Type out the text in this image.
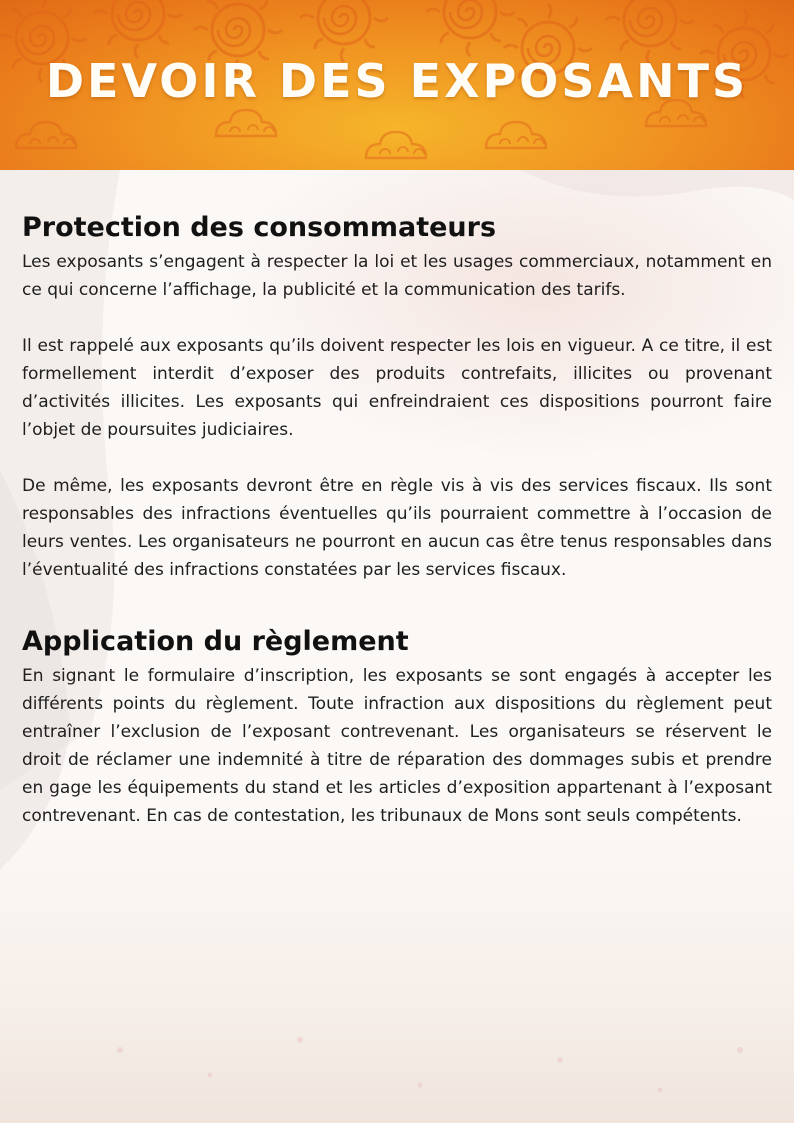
DEVOIR DES EXPOSANTS
Protection des consommateurs

Les exposants s’engagent à respecter la loi et les usages commerciaux, notamment en ce qui concerne l’affichage, la publicité et la communication des tarifs.

Il est rappelé aux exposants qu’ils doivent respecter les lois en vigueur. A ce titre, il est formellement interdit d’exposer des produits contrefaits, illicites ou provenant d’activités illicites. Les exposants qui enfreindraient ces dispositions pourront faire l’objet de poursuites judiciaires.

De même, les exposants devront être en règle vis à vis des services fiscaux. Ils sont responsables des infractions éventuelles qu’ils pourraient commettre à l’occasion de leurs ventes. Les organisateurs ne pourront en aucun cas être tenus responsables dans l’éventualité des infractions constatées par les services fiscaux.

Application du règlement

En signant le formulaire d’inscription, les exposants se sont engagés à accepter les différents points du règlement. Toute infraction aux dispositions du règlement peut entraîner l’exclusion de l’exposant contrevenant. Les organisateurs se réservent le droit de réclamer une indemnité à titre de réparation des dommages subis et prendre en gage les équipements du stand et les articles d’exposition appartenant à l’exposant contrevenant. En cas de contestation, les tribunaux de Mons sont seuls compétents.
